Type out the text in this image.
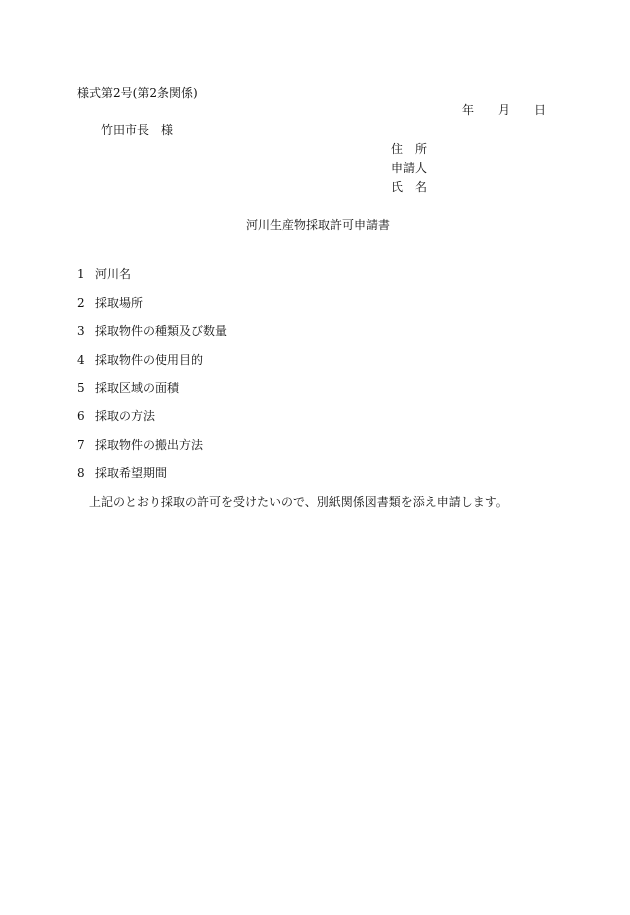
様式第2号(第2条関係)
年 月 日
竹田市長　様
住　所
申請人
氏　名
河川生産物採取許可申請書
1 河川名
2 採取場所
3 採取物件の種類及び数量
4 採取物件の使用目的
5 採取区域の面積
6 採取の方法
7 採取物件の搬出方法
8 採取希望期間
上記のとおり採取の許可を受けたいので、別紙関係図書類を添え申請します。
